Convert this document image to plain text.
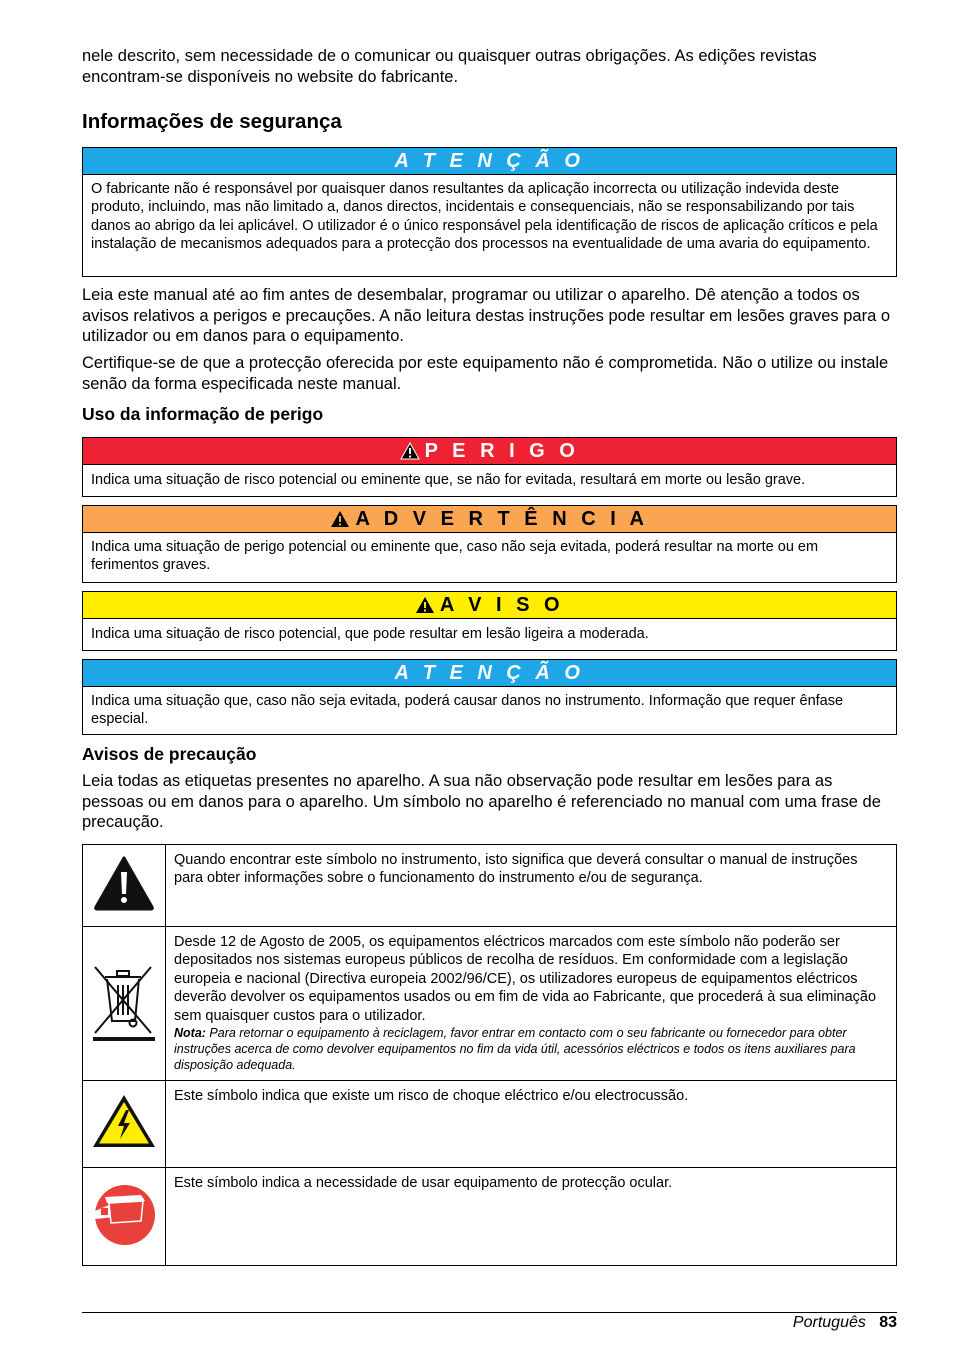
nele descrito, sem necessidade de o comunicar ou quaisquer outras obrigações. As edições revistas encontram-se disponíveis no website do fabricante.

Informações de segurança
A T E N Ç Ã O
O fabricante não é responsável por quaisquer danos resultantes da aplicação incorrecta ou utilização indevida deste produto, incluindo, mas não limitado a, danos directos, incidentais e consequenciais, não se responsabilizando por tais danos ao abrigo da lei aplicável. O utilizador é o único responsável pela identificação de riscos de aplicação críticos e pela instalação de mecanismos adequados para a protecção dos processos na eventualidade de uma avaria do equipamento.

Leia este manual até ao fim antes de desembalar, programar ou utilizar o aparelho. Dê atenção a todos os avisos relativos a perigos e precauções. A não leitura destas instruções pode resultar em lesões graves para o utilizador ou em danos para o equipamento.

Certifique-se de que a protecção oferecida por este equipamento não é comprometida. Não o utilize ou instale senão da forma especificada neste manual.

Uso da informação de perigo
P E R I G O
Indica uma situação de risco potencial ou eminente que, se não for evitada, resultará em morte ou lesão grave.
A D V E R T Ê N C I A
Indica uma situação de perigo potencial ou eminente que, caso não seja evitada, poderá resultar na morte ou em ferimentos graves.
A V I S O
Indica uma situação de risco potencial, que pode resultar em lesão ligeira a moderada.
A T E N Ç Ã O
Indica uma situação que, caso não seja evitada, poderá causar danos no instrumento. Informação que requer ênfase especial.
Avisos de precaução

Leia todas as etiquetas presentes no aparelho. A sua não observação pode resultar em lesões para as pessoas ou em danos para o aparelho. Um símbolo no aparelho é referenciado no manual com uma frase de precaução.

	Quando encontrar este símbolo no instrumento, isto significa que deverá consultar o manual de instruções para obter informações sobre o funcionamento do instrumento e/ou de segurança.

Desde 12 de Agosto de 2005, os equipamentos eléctricos marcados com este símbolo não poderão ser depositados nos sistemas europeus públicos de recolha de resíduos. Em conformidade com a legislação europeia e nacional (Directiva europeia 2002/96/CE), os utilizadores europeus de equipamentos eléctricos deverão devolver os equipamentos usados ou em fim de vida ao Fabricante, que procederá à sua eliminação sem quaisquer custos para o utilizador.
Nota: Para retornar o equipamento à reciclagem, favor entrar em contacto com o seu fabricante ou fornecedor para obter instruções acerca de como devolver equipamentos no fim da vida útil, acessórios eléctricos e todos os itens auxiliares para disposição adequada.

	Este símbolo indica que existe um risco de choque eléctrico e/ou electrocussão.
	Este símbolo indica a necessidade de usar equipamento de protecção ocular.
Português 83
